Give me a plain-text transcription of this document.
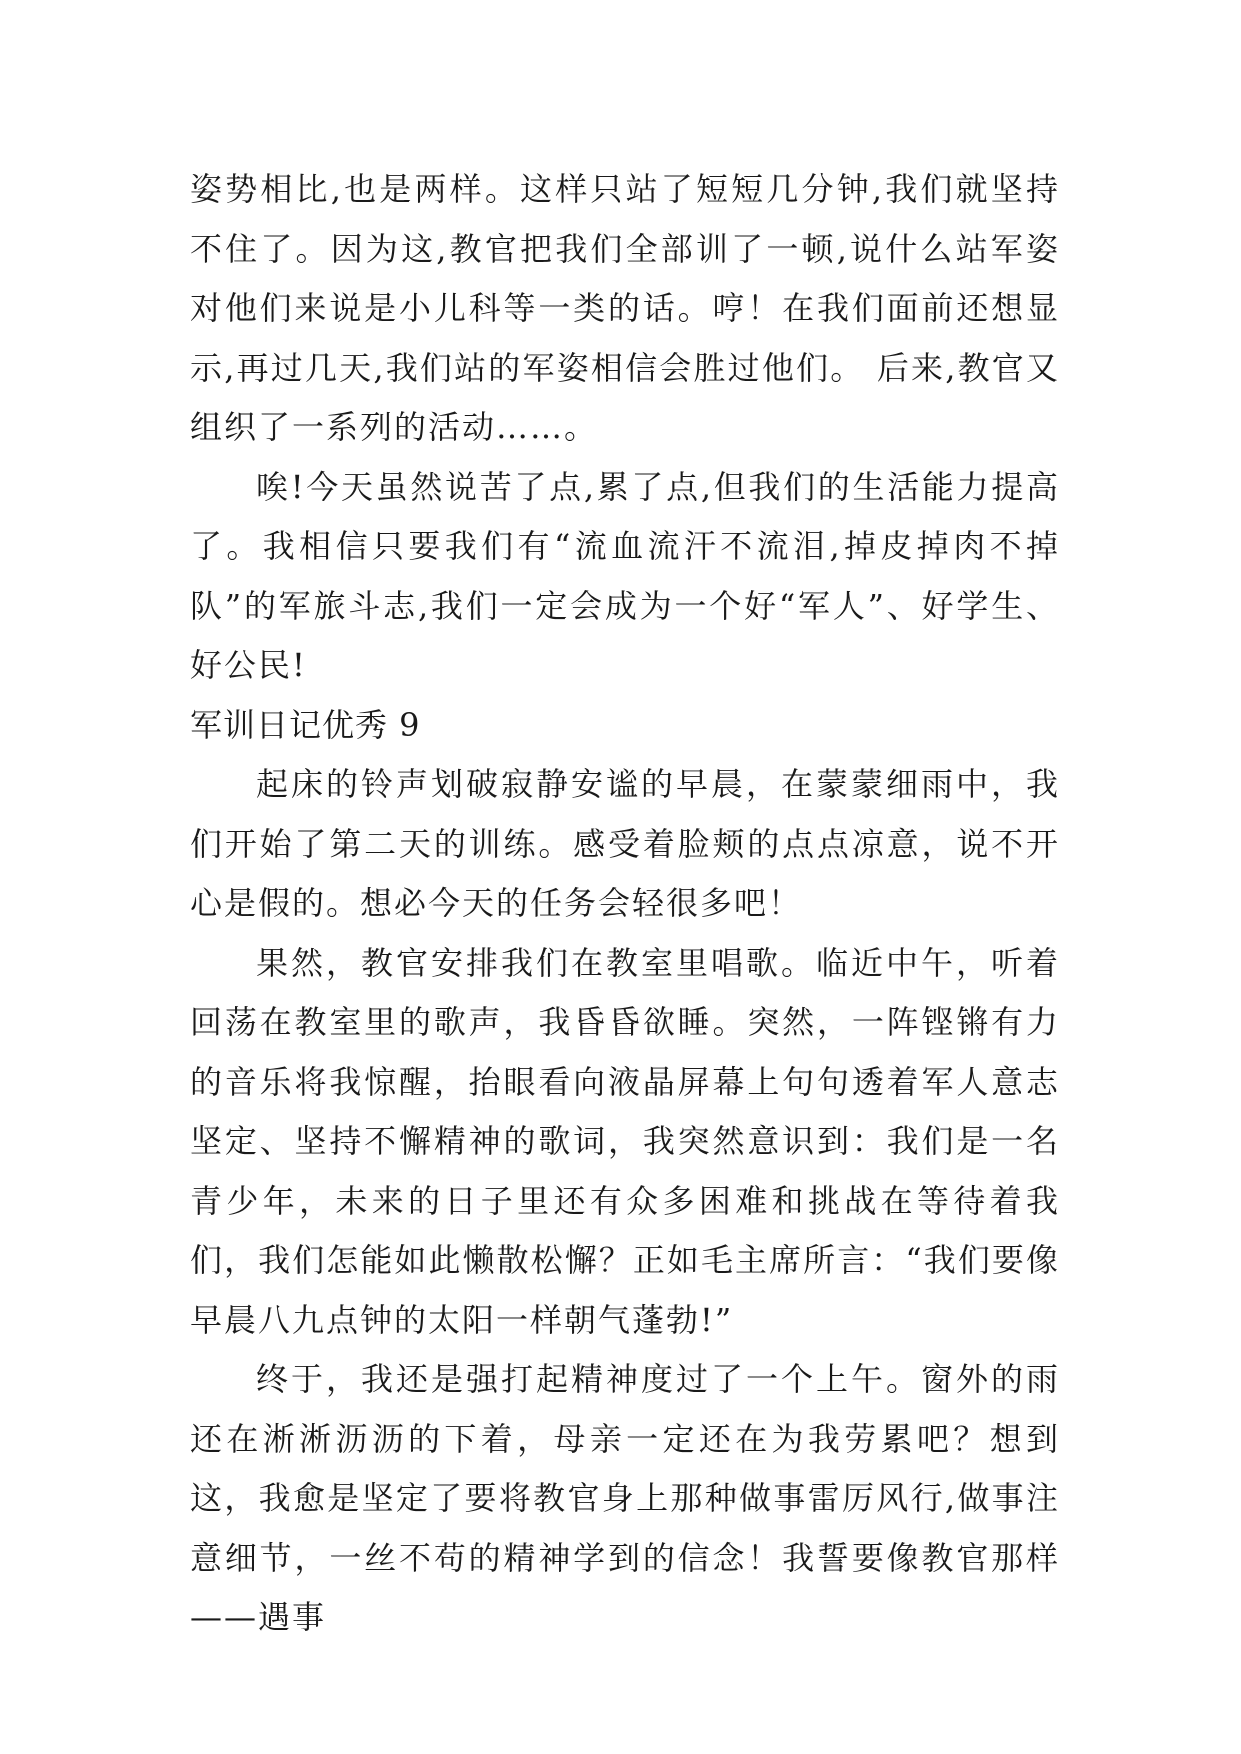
姿势相比,也是两样。这样只站了短短几分钟,我们就坚持不住了。因为这,教官把我们全部训了一顿,说什么站军姿对他们来说是小儿科等一类的话。哼！在我们面前还想显示,再过几天,我们站的军姿相信会胜过他们。 后来,教官又组织了一系列的活动……。

唉!今天虽然说苦了点,累了点,但我们的生活能力提高了。我相信只要我们有“流血流汗不流泪,掉皮掉肉不掉队”的军旅斗志,我们一定会成为一个好“军人”、好学生、好公民!

军训日记优秀 9

起床的铃声划破寂静安谧的早晨，在蒙蒙细雨中，我们开始了第二天的训练。感受着脸颊的点点凉意，说不开心是假的。想必今天的任务会轻很多吧！

果然，教官安排我们在教室里唱歌。临近中午，听着回荡在教室里的歌声，我昏昏欲睡。突然，一阵铿锵有力的音乐将我惊醒，抬眼看向液晶屏幕上句句透着军人意志坚定、坚持不懈精神的歌词，我突然意识到：我们是一名青少年，未来的日子里还有众多困难和挑战在等待着我们，我们怎能如此懒散松懈？正如毛主席所言：“我们要像早晨八九点钟的太阳一样朝气蓬勃!”

终于，我还是强打起精神度过了一个上午。窗外的雨还在淅淅沥沥的下着，母亲一定还在为我劳累吧？想到这，我愈是坚定了要将教官身上那种做事雷厉风行,做事注意细节，一丝不苟的精神学到的信念！我誓要像教官那样——遇事
